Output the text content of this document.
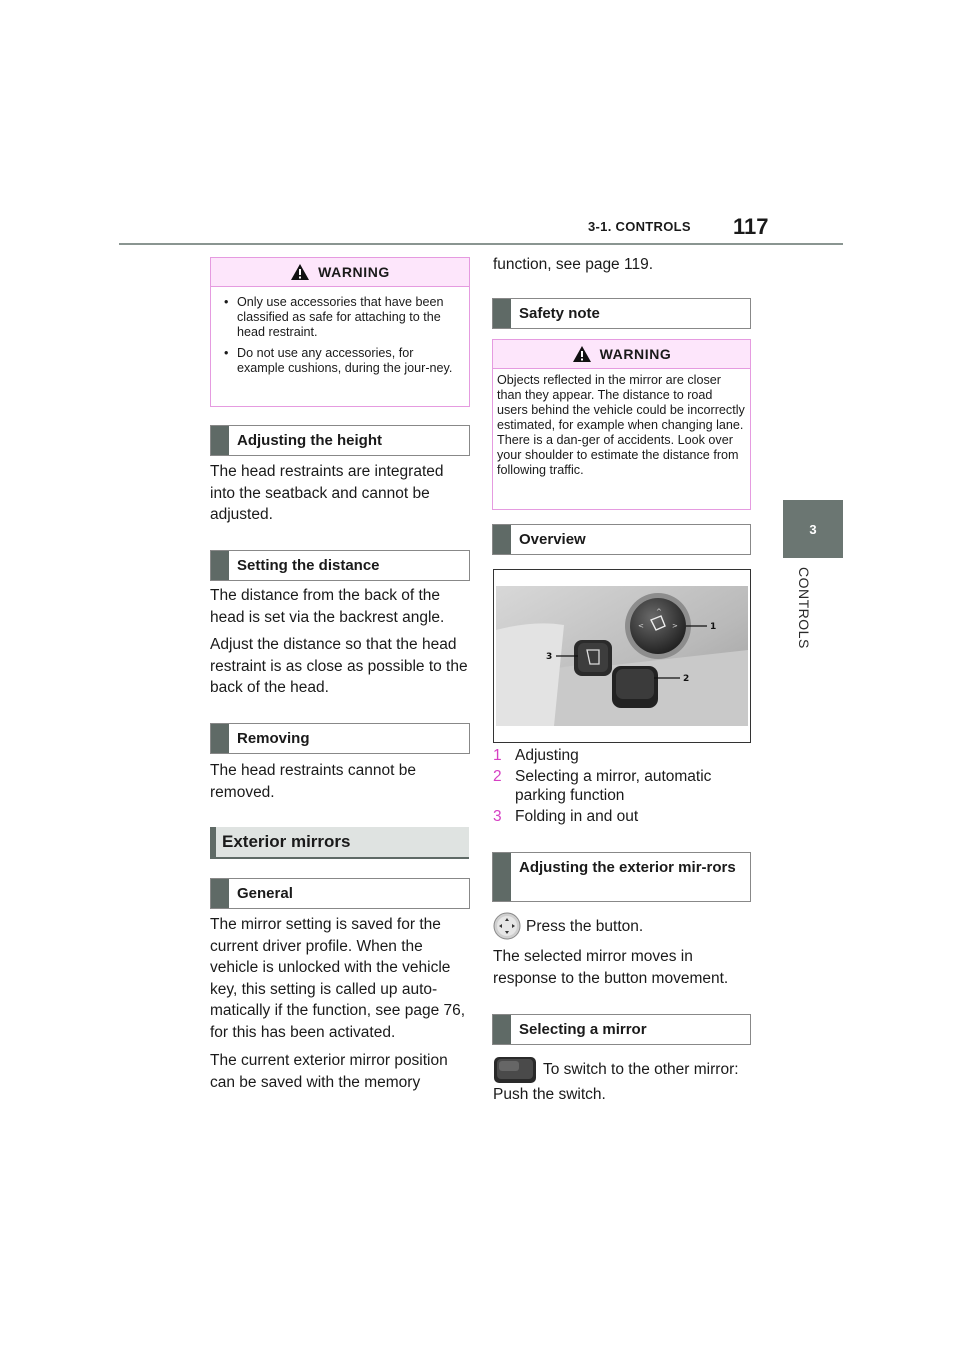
3-1. CONTROLS 117
3
CONTROLS
WARNING
• Only use accessories that have been classified as safe for attaching to the head restraint.
• Do not use any accessories, for example cushions, during the jour-ney.
Adjusting the height

The head restraints are integrated into the seatback and cannot be adjusted.

Setting the distance

The distance from the back of the head is set via the backrest angle.

Adjust the distance so that the head restraint is as close as possible to the back of the head.

Removing

The head restraints cannot be removed.

Exterior mirrors
General

The mirror setting is saved for the current driver profile. When the vehicle is unlocked with the vehicle key, this setting is called up auto-matically if the function, see page 76, for this has been activated.

The current exterior mirror position can be saved with the memory

function, see page 119.

Safety note
WARNING
Objects reflected in the mirror are closer than they appear. The distance to road users behind the vehicle could be incorrectly estimated, for example when changing lane. There is a dan-ger of accidents. Look over your shoulder to estimate the distance from following traffic.
Overview
^
<	>	1
2
3
1 Adjusting
2 Selecting a mirror, automatic parking function
3 Folding in and out
Adjusting the exterior mir-rors

Press the button.

The selected mirror moves in response to the button movement.

Selecting a mirror

To switch to the other mirror:

Push the switch.
